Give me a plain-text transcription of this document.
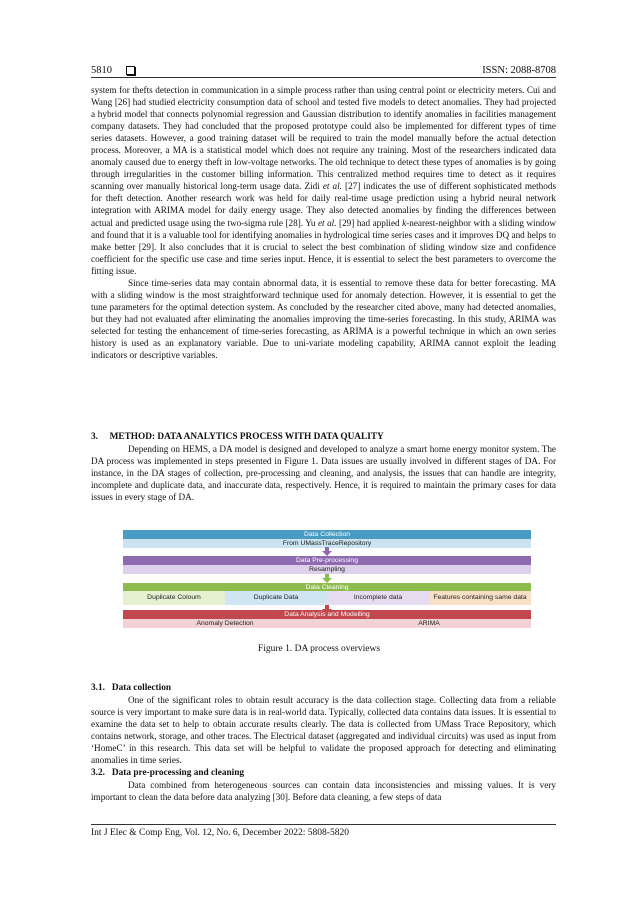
5810	ISSN: 2088-8708

system for thefts detection in communication in a simple process rather than using central point or electricity meters. Cui and Wang [26] had studied electricity consumption data of school and tested five models to detect anomalies. They had projected a hybrid model that connects polynomial regression and Gaussian distribution to identify anomalies in facilities management company datasets. They had concluded that the proposed prototype could also be implemented for different types of time series datasets. However, a good training dataset will be required to train the model manually before the actual detection process. Moreover, a MA is a statistical model which does not require any training. Most of the researchers indicated data anomaly caused due to energy theft in low-voltage networks. The old technique to detect these types of anomalies is by going through irregularities in the customer billing information. This centralized method requires time to detect as it requires scanning over manually historical long-term usage data. Zidi et al. [27] indicates the use of different sophisticated methods for theft detection. Another research work was held for daily real-time usage prediction using a hybrid neural network integration with ARIMA model for daily energy usage. They also detected anomalies by finding the differences between actual and predicted usage using the two-sigma rule [28]. Yu et al. [29] had applied k-nearest-neighbor with a sliding window and found that it is a valuable tool for identifying anomalies in hydrological time series cases and it improves DQ and helps to make better [29]. It also concludes that it is crucial to select the best combination of sliding window size and confidence coefficient for the specific use case and time series input. Hence, it is essential to select the best parameters to overcome the fitting issue.

Since time-series data may contain abnormal data, it is essential to remove these data for better forecasting. MA with a sliding window is the most straightforward technique used for anomaly detection. However, it is essential to get the tune parameters for the optimal detection system. As concluded by the researcher cited above, many had detected anomalies, but they had not evaluated after eliminating the anomalies improving the time-series forecasting. In this study, ARIMA was selected for testing the enhancement of time-series forecasting, as ARIMA is a powerful technique in which an own series history is used as an explanatory variable. Due to uni-variate modeling capability, ARIMA cannot exploit the leading indicators or descriptive variables.

3.     METHOD: DATA ANALYTICS PROCESS WITH DATA QUALITY

Depending on HEMS, a DA model is designed and developed to analyze a smart home energy monitor system. The DA process was implemented in steps presented in Figure 1. Data issues are usually involved in different stages of DA. For instance, in the DA stages of collection, pre-processing and cleaning, and analysis, the issues that can handle are integrity, incomplete and duplicate data, and inaccurate data, respectively. Hence, it is required to maintain the primary cases for data issues in every stage of DA.

Data Collection
From UMassTraceRepository
Data Pre-processing
Resampling
Data Cleaning
Duplicate Coloum	Duplicate Data	Incomplete data	Features containing same data
Data Analysis and Modelling
Anomaly Detection	ARIMA
Figure 1. DA process overviews

3.1.   Data collection

One of the significant roles to obtain result accuracy is the data collection stage. Collecting data from a reliable source is very important to make sure data is in real-world data. Typically, collected data contains data issues. It is essential to examine the data set to help to obtain accurate results clearly. The data is collected from UMass Trace Repository, which contains network, storage, and other traces. The Electrical dataset (aggregated and individual circuits) was used as input from ‘HomeC’ in this research. This data set will be helpful to validate the proposed approach for detecting and eliminating anomalies in time series.

3.2.   Data pre-processing and cleaning

Data combined from heterogeneous sources can contain data inconsistencies and missing values. It is very important to clean the data before data analyzing [30]. Before data cleaning, a few steps of data

Int J Elec & Comp Eng, Vol. 12, No. 6, December 2022: 5808-5820
